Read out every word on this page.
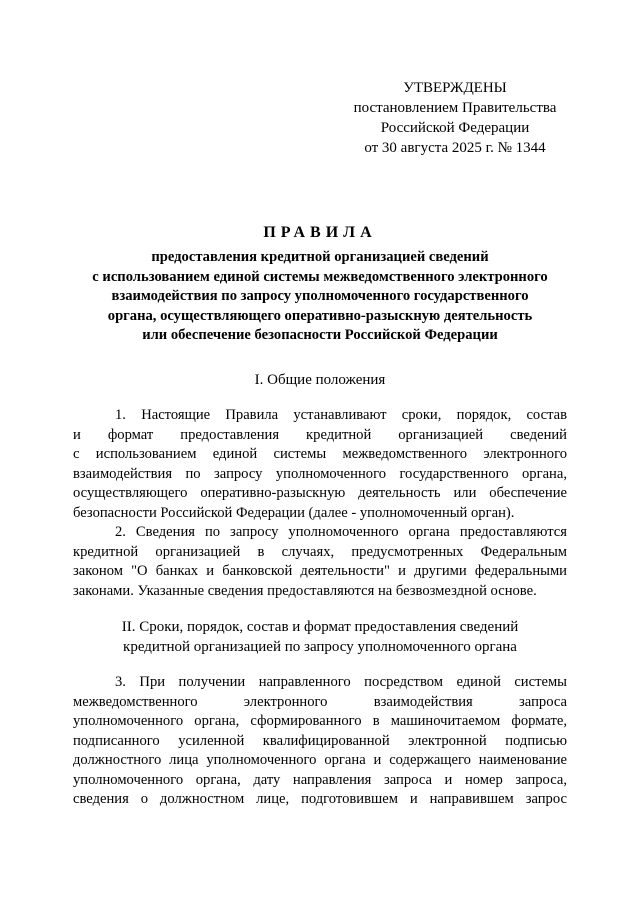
УТВЕРЖДЕНЫ
постановлением Правительства
Российской Федерации
от 30 августа 2025 г. № 1344
ПРАВИЛА
предоставления кредитной организацией сведений
с использованием единой системы межведомственного электронного
взаимодействия по запросу уполномоченного государственного
органа, осуществляющего оперативно-разыскную деятельность
или обеспечение безопасности Российской Федерации
I. Общие положения
1. Настоящие Правила устанавливают сроки, порядок, состав
и формат предоставления кредитной организацией сведений
с использованием единой системы межведомственного электронного
взаимодействия по запросу уполномоченного государственного органа,
осуществляющего оперативно-разыскную деятельность или обеспечение
безопасности Российской Федерации (далее - уполномоченный орган).
2. Сведения по запросу уполномоченного органа предоставляются
кредитной организацией в случаях, предусмотренных Федеральным
законом "О банках и банковской деятельности" и другими федеральными
законами. Указанные сведения предоставляются на безвозмездной основе.
II. Сроки, порядок, состав и формат предоставления сведений
кредитной организацией по запросу уполномоченного органа
3. При получении направленного посредством единой системы
межведомственного электронного взаимодействия запроса
уполномоченного органа, сформированного в машиночитаемом формате,
подписанного усиленной квалифицированной электронной подписью
должностного лица уполномоченного органа и содержащего наименование
уполномоченного органа, дату направления запроса и номер запроса,
сведения о должностном лице, подготовившем и направившем запрос
